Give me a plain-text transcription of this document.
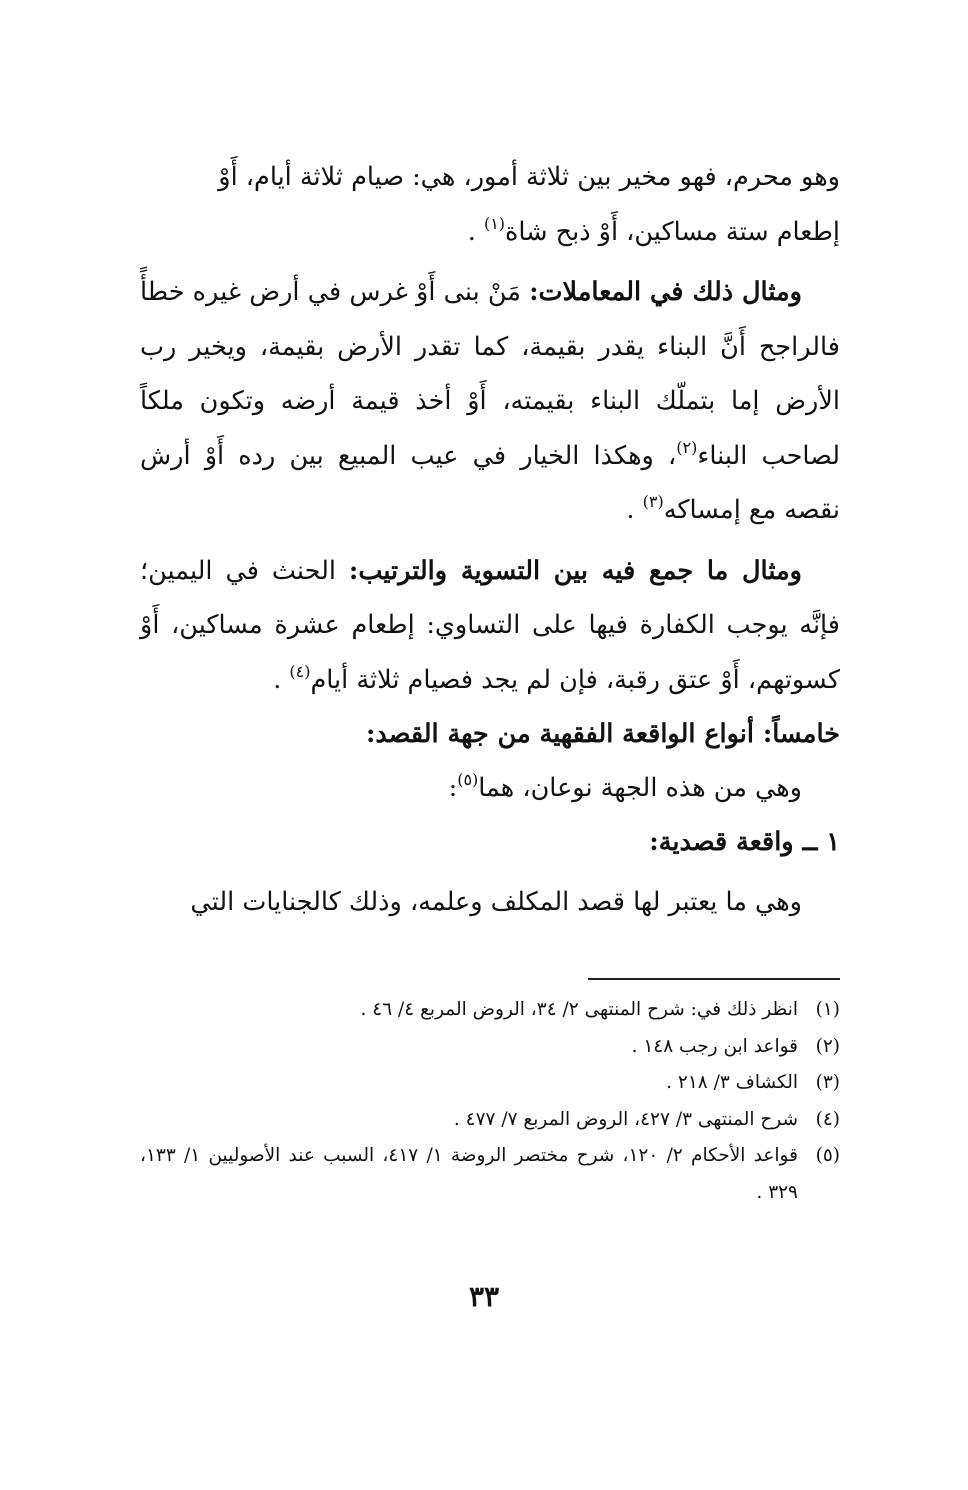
وهو محرم، فهو مخير بين ثلاثة أمور، هي: صيام ثلاثة أيام، أَوْ
إطعام ستة مساكين، أَوْ ذبح شاة$^{(١)}$ .

ومثال ذلك في المعاملات: مَنْ بنى أَوْ غرس في أرض غيره خطأً فالراجح أَنَّ البناء يقدر بقيمة، كما تقدر الأرض بقيمة، ويخير رب الأرض إما بتملّك البناء بقيمته، أَوْ أخذ قيمة أرضه وتكون ملكاً لصاحب البناء$^{(٢)}$، وهكذا الخيار في عيب المبيع بين رده أَوْ أرش نقصه مع إمساكه$^{(٣)}$ .

ومثال ما جمع فيه بين التسوية والترتيب: الحنث في اليمين؛ فإنَّه يوجب الكفارة فيها على التساوي: إطعام عشرة مساكين، أَوْ كسوتهم، أَوْ عتق رقبة، فإن لم يجد فصيام ثلاثة أيام$^{(٤)}$ .

خامساً: أنواع الواقعة الفقهية من جهة القصد:

وهي من هذه الجهة نوعان، هما$^{(٥)}$:

١ ــ واقعة قصدية:

وهي ما يعتبر لها قصد المكلف وعلمه، وذلك كالجنايات التي

(١)
انظر ذلك في: شرح المنتهى ٢/ ٣٤، الروض المربع ٤/ ٤٦ .

(٢)
قواعد ابن رجب ١٤٨ .

(٣)
الكشاف ٣/ ٢١٨ .

(٤)
شرح المنتهى ٣/ ٤٢٧، الروض المربع ٧/ ٤٧٧ .

(٥)
قواعد الأحكام ٢/ ١٢٠، شرح مختصر الروضة ١/ ٤١٧، السبب عند الأصوليين ١/ ١٣٣، ٣٢٩ .

٣٣
